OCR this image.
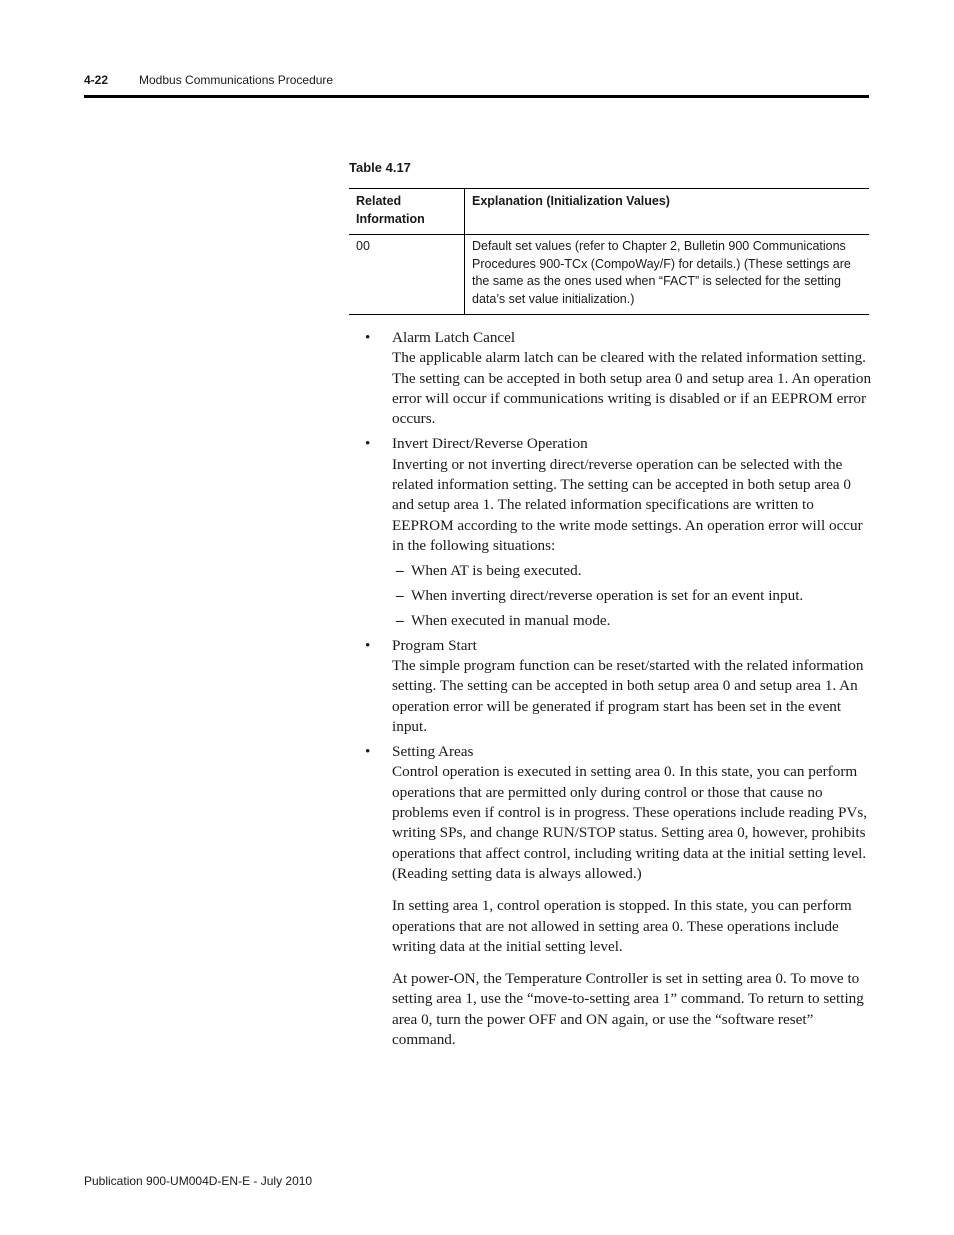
4-22	Modbus Communications Procedure
Table 4.17
Related Information	Explanation (Initialization Values)
00	Default set values (refer to Chapter 2, Bulletin 900 Communications Procedures 900-TCx (CompoWay/F) for details.) (These settings are the same as the ones used when “FACT” is selected for the setting data’s set value initialization.)
• Alarm Latch Cancel

The applicable alarm latch can be cleared with the related information setting. The setting can be accepted in both setup area 0 and setup area 1. An operation error will occur if communications writing is disabled or if an EEPROM error occurs.

• Invert Direct/Reverse Operation

Inverting or not inverting direct/reverse operation can be selected with the related information setting. The setting can be accepted in both setup area 0 and setup area 1. The related information specifications are written to EEPROM according to the write mode settings. An operation error will occur in the following situations:

– When AT is being executed.
– When inverting direct/reverse operation is set for an event input.
– When executed in manual mode.
• Program Start

The simple program function can be reset/started with the related information setting. The setting can be accepted in both setup area 0 and setup area 1. An operation error will be generated if program start has been set in the event input.

• Setting Areas

Control operation is executed in setting area 0. In this state, you can perform operations that are permitted only during control or those that cause no problems even if control is in progress. These operations include reading PVs, writing SPs, and change RUN/STOP status. Setting area 0, however, prohibits operations that affect control, including writing data at the initial setting level. (Reading setting data is always allowed.)

In setting area 1, control operation is stopped. In this state, you can perform operations that are not allowed in setting area 0. These operations include writing data at the initial setting level.

At power-ON, the Temperature Controller is set in setting area 0. To move to setting area 1, use the “move-to-setting area 1” command. To return to setting area 0, turn the power OFF and ON again, or use the “software reset” command.

Publication 900-UM004D-EN-E - July 2010
